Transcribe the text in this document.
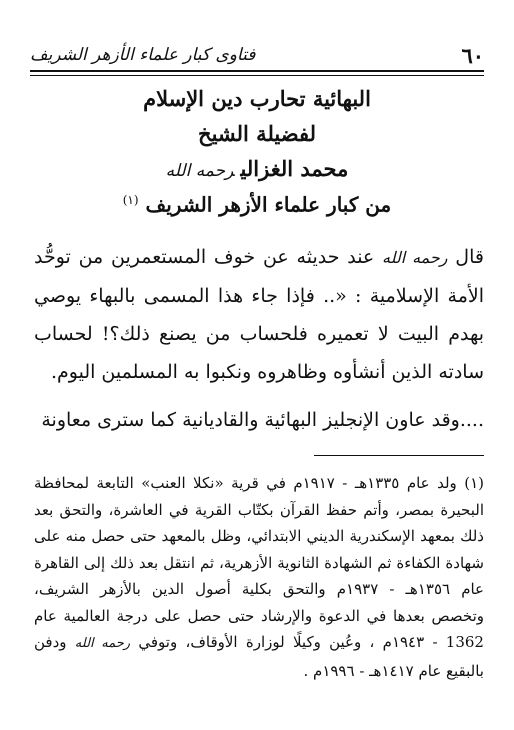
٦٠
فتاوى كبار علماء الأزهر الشريف

البهائية تحارب دين الإسلام

لفضيلة الشيخ

محمد الغزاليرحمه الله

من كبار علماء الأزهر الشريف $^{(١)}$

قال رحمه الله عند حديثه عن خوف المستعمرين من توحُّد الأمة الإسلامية : «.. فإذا جاء هذا المسمى بالبهاء يوصي بهدم البيت لا تعميره فلحساب من يصنع ذلك؟! لحساب سادته الذين أنشأوه وظاهروه ونكبوا به المسلمين اليوم.

....وقد عاون الإنجليز البهائية والقاديانية كما سترى معاونة

(١) ولد عام ١٣٣٥هـ - ١٩١٧م في قرية «نكلا العنب» التابعة لمحافظة البحيرة بمصر، وأتم حفظ القرآن بكتّاب القرية في العاشرة، والتحق بعد ذلك بمعهد الإسكندرية الديني الابتدائي، وظل بالمعهد حتى حصل منه على شهادة الكفاءة ثم الشهادة الثانوية الأزهرية، ثم انتقل بعد ذلك إلى القاهرة عام ١٣٥٦هـ - ١٩٣٧م والتحق بكلية أصول الدين بالأزهر الشريف، وتخصص بعدها في الدعوة والإرشاد حتى حصل على درجة العالمية عام 1362 - ١٩٤٣م ، وعُين وكيلًا لوزارة الأوقاف، وتوفي رحمه الله ودفن بالبقيع عام ١٤١٧هـ - ١٩٩٦م .
